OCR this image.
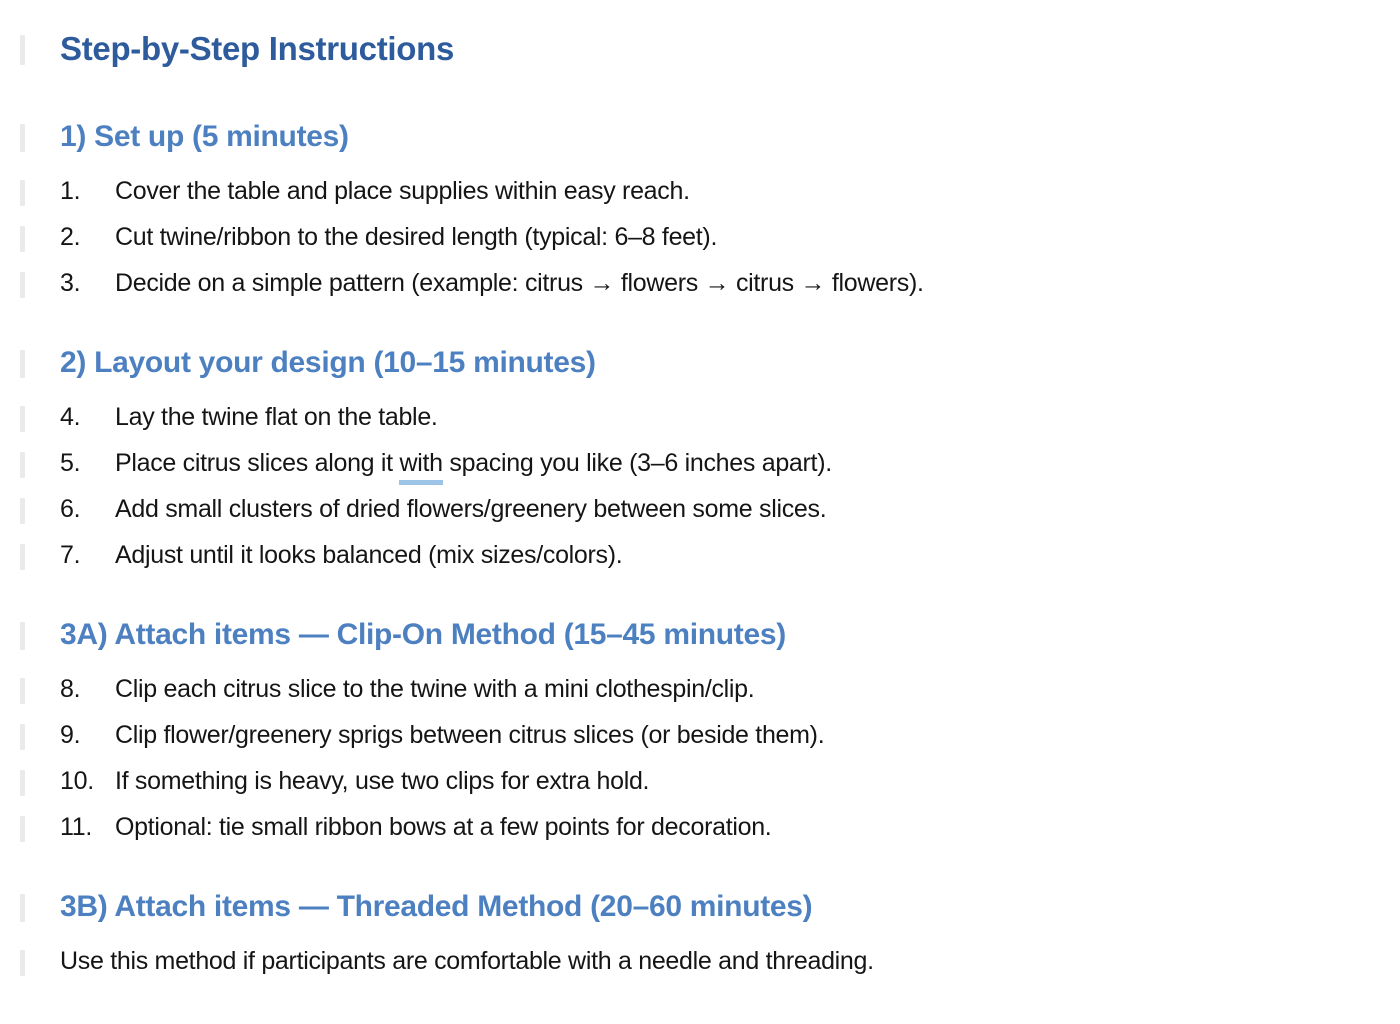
Step-by-Step Instructions
1) Set up (5 minutes)
1.	Cover the table and place supplies within easy reach.
2.	Cut twine/ribbon to the desired length (typical: 6–8 feet).
3.	Decide on a simple pattern (example: citrus → flowers → citrus → flowers).
2) Layout your design (10–15 minutes)
4.	Lay the twine flat on the table.
5.	Place citrus slices along it with spacing you like (3–6 inches apart).
6.	Add small clusters of dried flowers/greenery between some slices.
7.	Adjust until it looks balanced (mix sizes/colors).
3A) Attach items — Clip-On Method (15–45 minutes)
8.	Clip each citrus slice to the twine with a mini clothespin/clip.
9.	Clip flower/greenery sprigs between citrus slices (or beside them).
10. If something is heavy, use two clips for extra hold.
11. Optional: tie small ribbon bows at a few points for decoration.
3B) Attach items — Threaded Method (20–60 minutes)

Use this method if participants are comfortable with a needle and threading.
